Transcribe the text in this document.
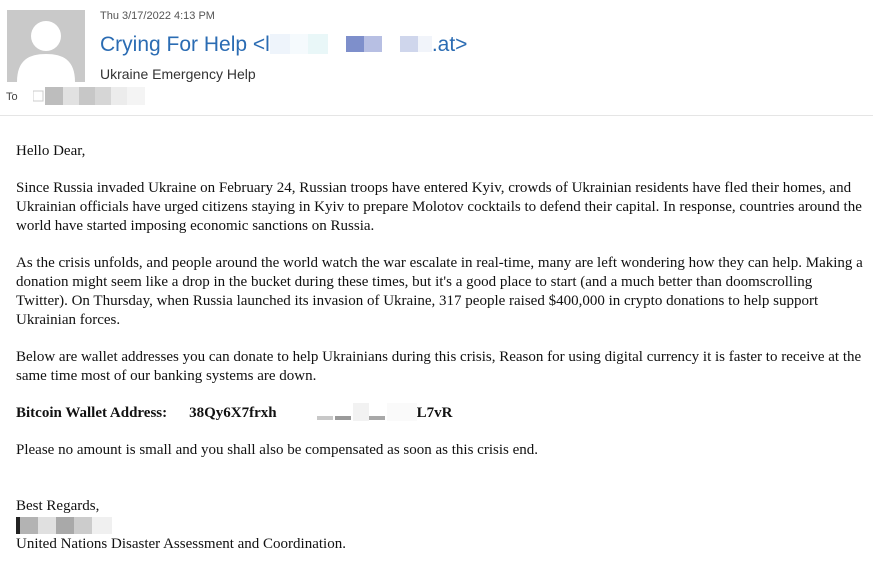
Thu 3/17/2022 4:13 PM
Crying For Help <l	.at>
Ukraine Emergency Help
To

Hello Dear,

Since Russia invaded Ukraine on February 24, Russian troops have entered Kyiv, crowds of Ukrainian residents have fled their homes, and Ukrainian officials have urged citizens staying in Kyiv to prepare Molotov cocktails to defend their capital. In response, countries around the world have started imposing economic sanctions on Russia.

As the crisis unfolds, and people around the world watch the war escalate in real-time, many are left wondering how they can help. Making a donation might seem like a drop in the bucket during these times, but it's a good place to start (and a much better than doomscrolling Twitter). On Thursday, when Russia launched its invasion of Ukraine, 317 people raised $400,000 in crypto donations to help support Ukrainian forces.

Below are wallet addresses you can donate to help Ukrainians during this crisis, Reason for using digital currency it is faster to receive at the same time most of our banking systems are down.

Bitcoin Wallet Address: 38Qy6X7frxh	L7vR

Please no amount is small and you shall also be compensated as soon as this crisis end.

Best Regards,
United Nations Disaster Assessment and Coordination.
